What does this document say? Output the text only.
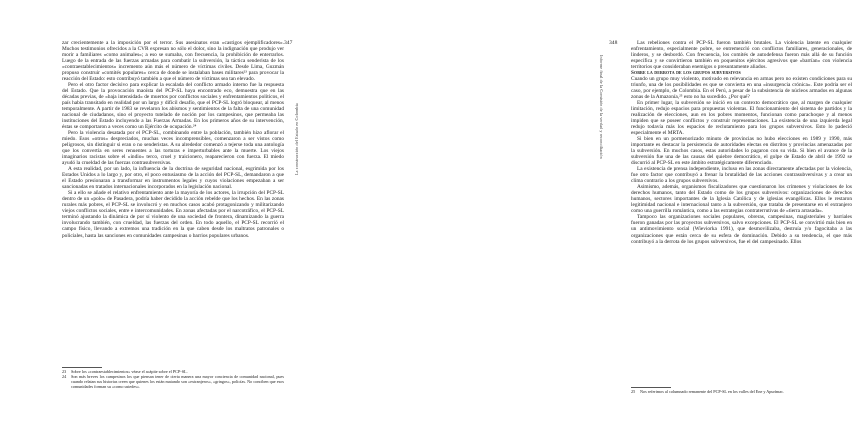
zar crecientemente a la imposición por el terror. Sus asesinatos eran «castigos ejemplificadores». Muchos testimonios ofrecidos a la CVR expresan no sólo el dolor, sino la indignación que produjo ver morir a familiares «como animales»; a eso se sumaba, con frecuencia, la prohibición de enterrarlos. Luego de la entrada de las fuerzas armadas para combatir la subversión, la táctica senderista de los «contraestablecimientos» incremento aún más el número de víctimas civiles. Desde Lima, Guzmán propuso construir «comités populares» cerca de donde se instalaban bases militares²³ para provocar la reacción del Estado: esto contribuyó también a que el número de víctimas sea tan elevado.

Pero el otro factor decisivo para explicar la escalada del conflicto armado interno fue la respuesta del Estado. Que la provocación maoísta del PCP-SL haya encontrado eco, demuestra que en las décadas previas, de «baja intensidad» de muertos por conflictos sociales y enfrentamientos políticos, el país había transitado en realidad por un largo y difícil desafío, que el PCP-SL logró bloquear, al menos temporalmente. A partir de 1983 se revelaron los abismos y sentimientos de la falta de una comunidad nacional de ciudadanos, sino el proyecto tutelado de noción por los campesinos, que permeaba las instituciones del Estado incluyendo a las Fuerzas Armadas. En los primeros años de su intervención, éstas se comportaron a veces como un Ejército de ocupación.²⁴

Pero la violencia desatada por el PCP-SL, combinando entre la población, también hizo aflorar el miedo. Esos «otros» despreciados, muchas veces incomprensibles, comenzaron a ser vistos como peligrosos, sin distinguir si eran o no senderistas. A su alrededor comenzó a tejerse toda una antología que los convertía en seres renuentes a las torturas e imperturbables ante la muerte. Los viejos imaginarios racistas sobre el «indio» terco, cruel y traicionero, reaparecieron con fuerza. El miedo ayudó la crueldad de las fuerzas contrasubversivas.

A esta realidad, por un lado, la influencia de la doctrina de seguridad nacional, esgrimida por los Estados Unidos a lo largo y, por otro, el poco entusiasmo de la acción del PCP-SL, demandaron a que el Estado presionaran a transformar en instrumentos legales y cuyos violaciones empezaban a ser sancionadas en tratados internacionales incorporados en la legislación nacional.

Si a ello se añade el relativo enfrentamiento ante la mayoría de los actores, la irrupción del PCP-SL dentro de un «polo» de Pasadera, podría haber decidido la acción rebelde que los hechos. En las zonas rurales más pobres, el PCP-SL se involucró y en muchos casos acabó protagonizando y militarizando viejos conflictos sociales, entre e intercomunidades. En zonas afectadas por el narcotráfico, el PCP-SL terminó ajustando la dinámica de por sí violento de una sociedad de frontera, dinamizando la guerra involucrando también, con crueldad, las fuerzas del orden. En todo aquello, el PCP-SL recorrió el campo físico, llevando a extremos una tradición en la que caben desde los maltratos patronales o policiales, hasta las sanciones en comunidades campesinas o barrios populares urbanos.

347
La construcción del Estado en Colombia

23 Sobre los «contraestablecimientos» véase el acápite sobre el PCP-SL.

24 Son más breves los campesinos los que piensan tener de cierta manera una mayor conciencia de comunidad nacional, pues cuando relatan sus historias creen que quienes los están matando son «extranjeros», «gringos», policías. No conciben que esos comunidades forman su «como ustedes».

348
Informe final de la Comisión de la verdad y reconciliación

Las rebeliones contra el PCP-SL fueron también brutales. La violencia latente en cualquier enfrentamiento, especialmente pobre, se entremezcló con conflictos familiares, generacionales, de linderos, y se desbordó. Con frecuencia, los comités de autodefensa fueron más allá de su función específica y se convirtieron también en poquenitos ejércitos agresivos que «barrían» con violencia territorios que consideraban enemigos o presuntamente aliados.

Sobre la derrota de los grupos subversivos

Cuando un grupo muy violento, motivado en relevancia en armas pero no existen condiciones para su triunfo, una de los posibilidades es que se convierta en una «insurgencia crónica». Este podría ser el caso, por ejemplo, de Colombia. En el Perú, a pesar de la subsistencia de núcleos armados en algunas zonas de la Amazonía,²⁵ esto no ha sucedido. ¿Por qué?

En primer lugar, la subversión se inició en un contexto democrático que, al margen de cualquier limitación, redujo espacios para propuestas violentas. El funcionamiento del sistema de partidos y la realización de elecciones, aun en los pobres momentos, funcionan como parachoque y al menos impiden que se poseer conflictos y construir representaciones. La existencia de una izquierda legal redujo todavía más los espacios de reclutamiento para los grupos subversivos. Esto lo padeció especialmente el MRTA.

Si bien en un pormenorizado minuto de provincias no hubo elecciones en 1989 y 1990, más importante es destacar la persistencia de autoridades electas en distritos y provincias amenazadas por la subversión. En muchos casos, estas autoridades lo pagaron con su vida. Si bien el avance de la subversión fue una de las causas del quiebre democrático, el golpe de Estado de abril de 1992 se discurrió al PCP-SL en este ámbito estratégicamente diferenciado.

La existencia de prensa independiente, incluso en las zonas directamente afectadas por la violencia, fue otro factor que contribuyó a frenar la brutalidad de las acciones contrasubversivas y a crear un clima contrario a los grupos subversivos.

Asimismo, además, organismos fiscalizadores que cuestionaron los crímenes y violaciones de los derechos humanos, tanto del Estado como de los grupos subversivos: organizaciones de derechos humanos, sectores importantes de la Iglesia Católica y de iglesias evangélicas. Ellos le restaron legitimidad nacional e internacional tanto a la subversión, que trataba de presentarse en el extranjero como una guerrilla romántica, como a las estrategias contraterrutivas de «tierra arrasada».

Tampoco las organizaciones sociales populares, obreras, campesinas, magisteriales y barriales fueron ganadas por las proyectos subversivos, salvo excepciones. El PCP-SL se convirtió más bien en un antimovimiento social (Wieviorka 1991), que desmovilizaba, destruía y/o fagocitaba a las organizaciones que están cerca de su esfera de dominación. Debido a su tendencia, el que más contribuyó a la derrota de los grupos subversivos, fue el del campesinado. Ellos

25 Nos referimos al columnado remanente del PCP-SL en los valles del Ene y Apurímac.
